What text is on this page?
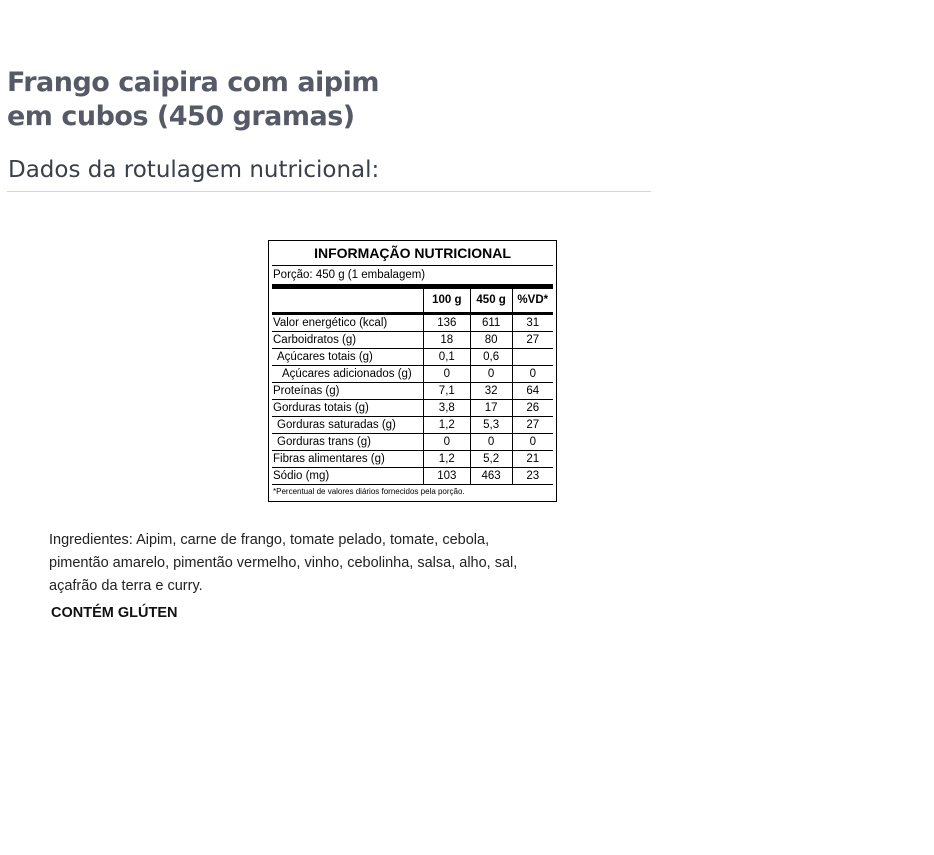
Frango caipira com aipim
em cubos (450 gramas)
Dados da rotulagem nutricional:
INFORMAÇÃO NUTRICIONAL
Porção: 450 g (1 embalagem)
	100 g	450 g	%VD*
Valor energético (kcal)	136	611	31
Carboidratos (g)	18	80	27
Açúcares totais (g)	0,1	0,6	
Açúcares adicionados (g)	0	0	0
Proteínas (g)	7,1	32	64
Gorduras totais (g)	3,8	17	26
Gorduras saturadas (g)	1,2	5,3	27
Gorduras trans (g)	0	0	0
Fibras alimentares (g)	1,2	5,2	21
Sódio (mg)	103	463	23
*Percentual de valores diários fornecidos pela porção.

Ingredientes: Aipim, carne de frango, tomate pelado, tomate, cebola, pimentão amarelo, pimentão vermelho, vinho, cebolinha, salsa, alho, sal, açafrão da terra e curry.

CONTÉM GLÚTEN
